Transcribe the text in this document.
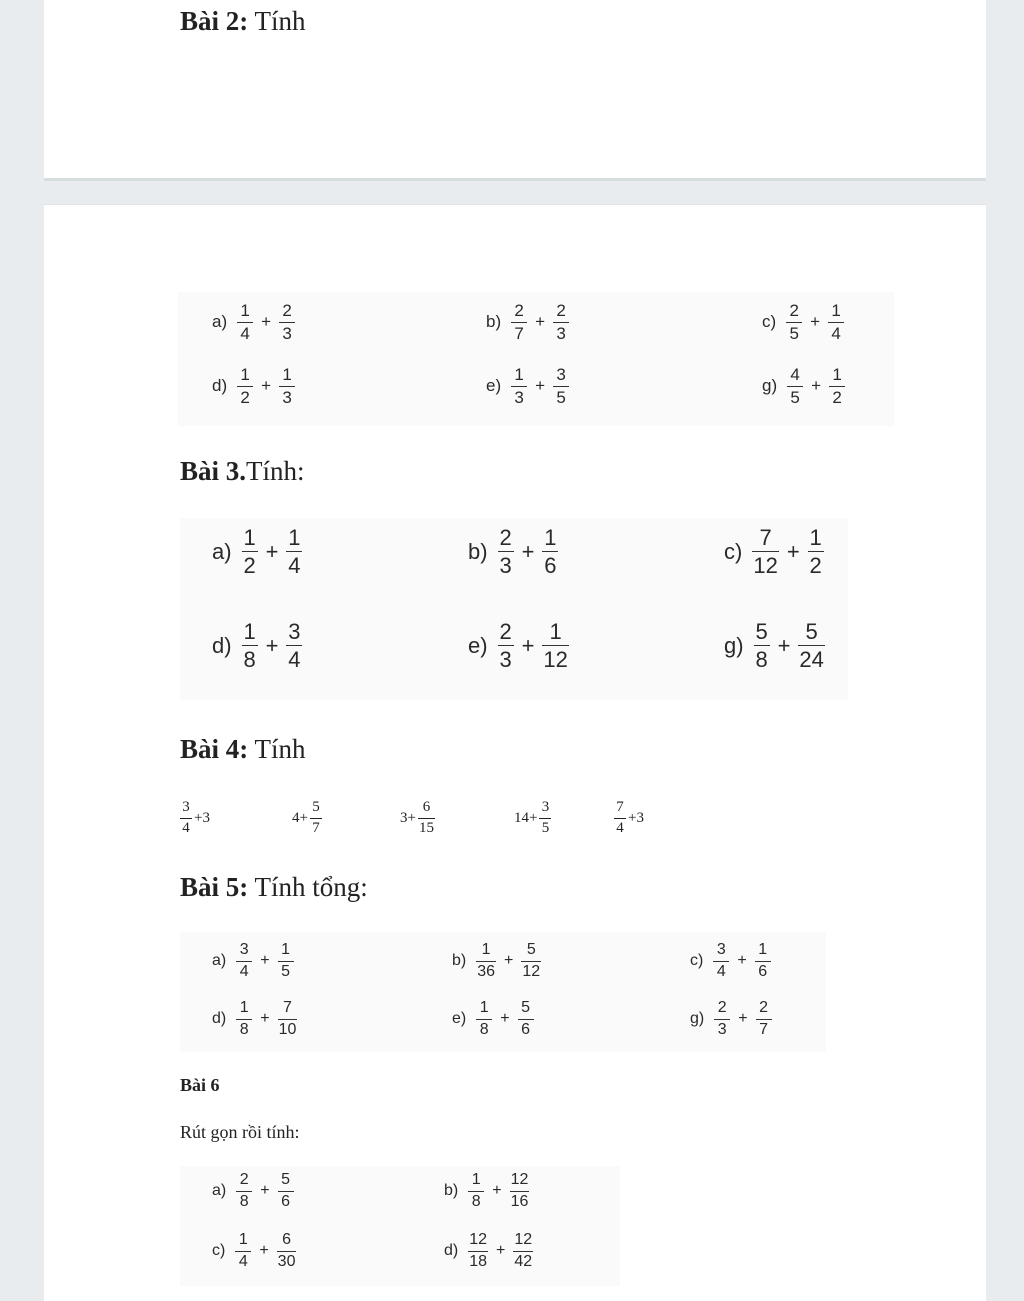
Bài 2: Tính
a)
1
4
+
2
3
b)
2
7
+
2
3
c)
2
5
+
1
4
d)
1
2
+
1
3
e)
1
3
+
3
5
g)
4
5
+
1
2
Bài 3.Tính:
a)
1
2
+
1
4
b)
2
3
+
1
6
c)
7
12
+
1
2
d)
1
8
+
3
4
e)
2
3
+
1
12
g)
5
8
+
5
24
Bài 4: Tính
3
4
+3	4+
5
7
3+
6
15
14+
3
5
7
4
+3
Bài 5: Tính tổng:
a)
3
4
+
1
5
b)
1
36
+
5
12
c)
3
4
+
1
6
d)
1
8
+
7
10
e)
1
8
+
5
6
g)
2
3
+
2
7
Bài 6
Rút gọn rồi tính:
a)
2
8
+
5
6
b)
1
8
+
12
16
c)
1
4
+
6
30
d)
12
18
+
12
42
